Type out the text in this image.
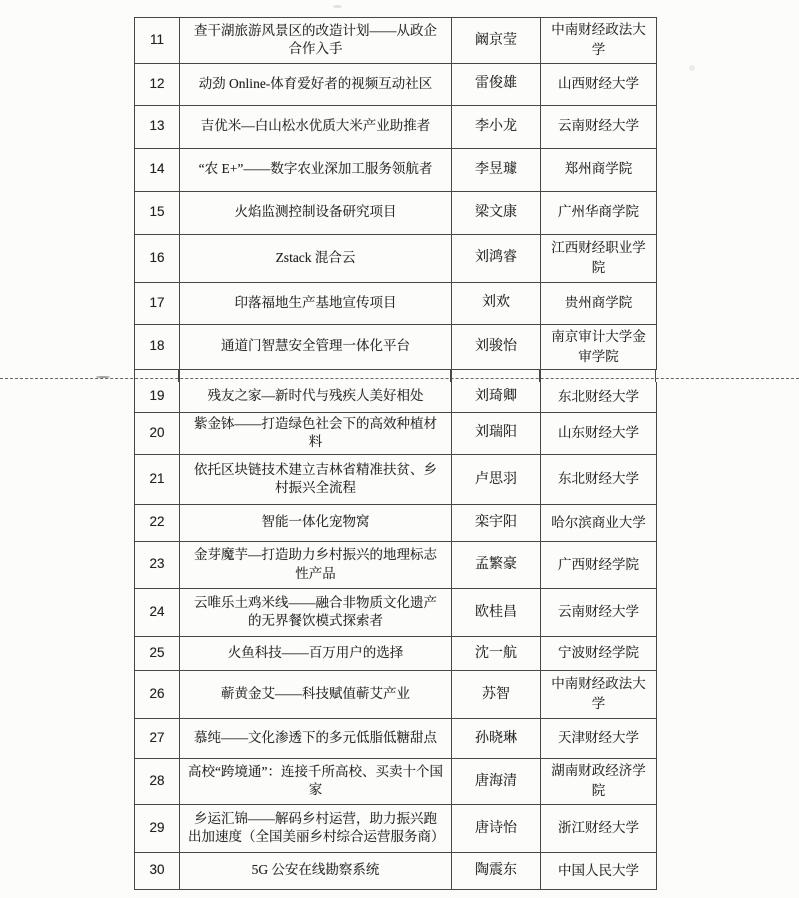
11	查干湖旅游风景区的改造计划——从政企合作入手	阚京莹	中南财经政法大学
12	动劲 Online-体育爱好者的视频互动社区	雷俊雄	山西财经大学
13	吉优米—白山松水优质大米产业助推者	李小龙	云南财经大学
14	“农 E+”——数字农业深加工服务领航者	李昱璩	郑州商学院
15	火焰监测控制设备研究项目	梁文康	广州华商学院
16	Zstack 混合云	刘鸿睿	江西财经职业学院
17	印落福地生产基地宣传项目	刘欢	贵州商学院
18	通道门智慧安全管理一体化平台	刘骏怡	南京审计大学金审学院
19	残友之家—新时代与残疾人美好相处	刘琦卿	东北财经大学
20	紫金钵——打造绿色社会下的高效种植材料	刘瑞阳	山东财经大学
21	依托区块链技术建立吉林省精准扶贫、乡村振兴全流程	卢思羽	东北财经大学
22	智能一体化宠物窝	栾宇阳	哈尔滨商业大学
23	金芽魔芋—打造助力乡村振兴的地理标志性产品	孟繁豪	广西财经学院
24	云唯乐土鸡米线——融合非物质文化遗产的无界餐饮模式探索者	欧桂昌	云南财经大学
25	火鱼科技——百万用户的选择	沈一航	宁波财经学院
26	蕲黄金艾——科技赋值蕲艾产业	苏智	中南财经政法大学
27	慕纯——文化渗透下的多元低脂低糖甜点	孙晓琳	天津财经大学
28	高校“跨境通”：连接千所高校、买卖十个国家	唐海清	湖南财政经济学院
29	乡运汇锦——解码乡村运营，助力振兴跑出加速度（全国美丽乡村综合运营服务商）	唐诗怡	浙江财经大学
30	5G 公安在线勘察系统	陶震东	中国人民大学
